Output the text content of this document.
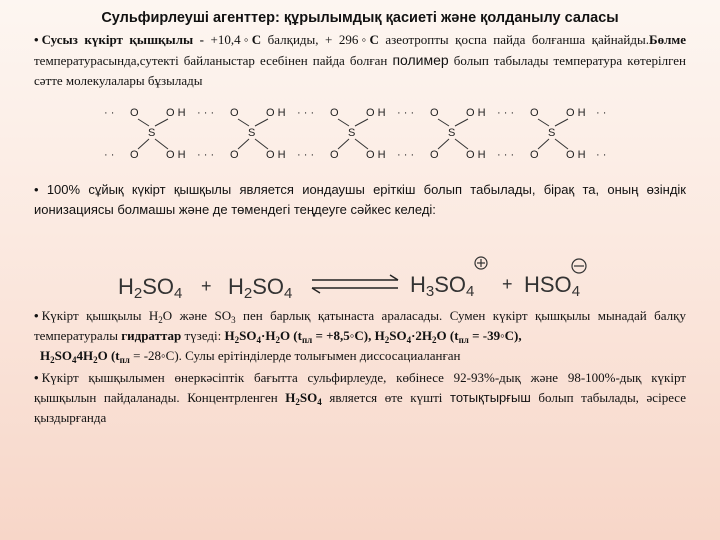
Сульфирлеуші агенттер: құрылымдық қасиеті және қолданылу саласы
• Сусыз күкірт қышқылы - +10,4◦С балқиды, + 296◦С азеотропты қоспа пайда болғанша қайнайды.Бөлме температурасында,сутекті байланыстар есебінен пайда болған полимер болып табылады температура көтерілген сәтте молекулалары бұзылады
S
O O H
O O H
· · ·
· · ·
S
O O H
O O H
· · ·
· · ·
S
O O H
O O H
· · ·
· · ·
S
O O H
O O H
· · ·
· · ·
S
O O H
O O H
· ·
· ·
· ·
· ·
• 100% сұйық күкірт қышқылы является иондаушы еріткіш болып табылады, бірақ та, оның өзіндік ионизациясы болмашы және де төмендегі теңдеуге сәйкес келеді:
H2SO4 + H2SO4	H3SO4 + HSO4
• Күкірт қышқылы $Н_2О$ және $SO_3$ пен барлық қатынаста араласады. Сумен күкірт қышқылы мынадай балқу температуралы гидраттар түзеді: $Н_2SО_4\cdot Н_2О$ ($t_{пл}$ = +8,5◦С), $Н_2SО_4\cdot 2Н_2О$ ($t_{пл}$ = -39◦С),
$Н_2SО_44Н_2О$ ($t_{пл}$ = -28◦С). Сулы ерітінділерде толығымен диссосациаланған
• Күкірт қышқылымен өнеркәсіптік бағытта сульфирлеуде, көбінесе 92-93%-дық және 98-100%-дық күкірт қышқылын пайдаланады. Концентрленген $Н_2SО_4$ является өте күшті тотықтырғыш болып табылады, әсіресе қыздырғанда
